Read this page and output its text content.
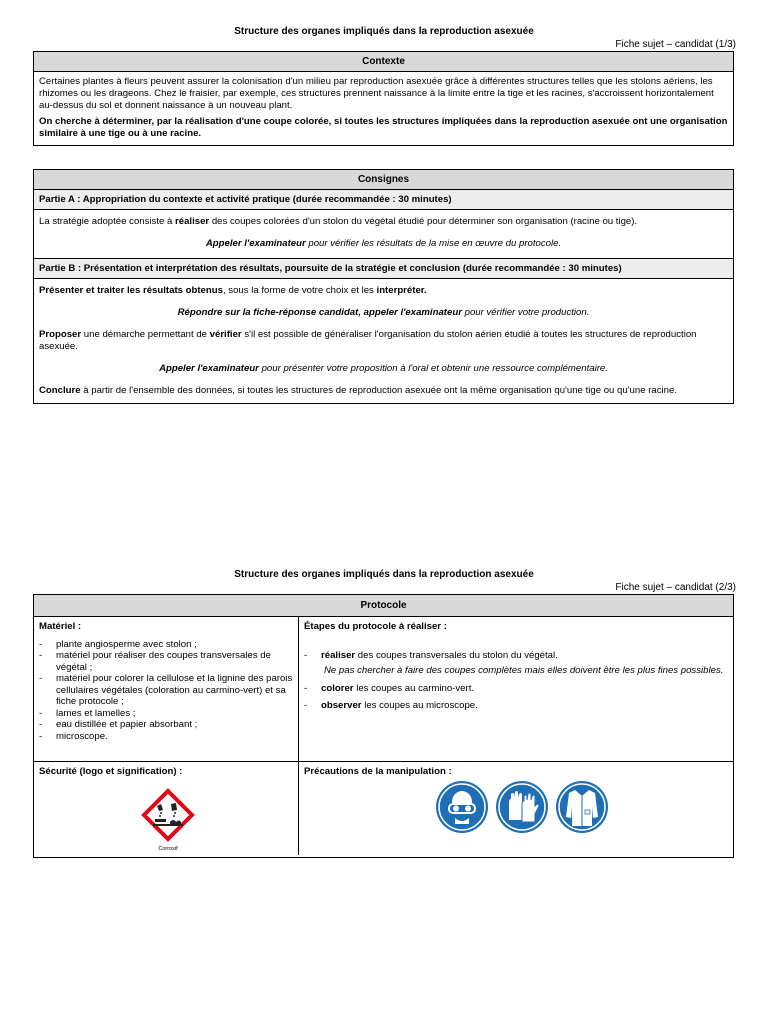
Structure des organes impliqués dans la reproduction asexuée
Fiche sujet – candidat (1/3)
Contexte

Certaines plantes à fleurs peuvent assurer la colonisation d'un milieu par reproduction asexuée grâce à différentes structures telles que les stolons aériens, les rhizomes ou les drageons. Chez le fraisier, par exemple, ces structures prennent naissance à la limite entre la tige et les racines, s'accroissent horizontalement au-dessus du sol et donnent naissance à un nouveau plant.

On cherche à déterminer, par la réalisation d'une coupe colorée, si toutes les structures impliquées dans la reproduction asexuée ont une organisation similaire à une tige ou à une racine.

Consignes
Partie A : Appropriation du contexte et activité pratique (durée recommandée : 30 minutes)

La stratégie adoptée consiste à réaliser des coupes colorées d'un stolon du végétal étudié pour déterminer son organisation (racine ou tige).

Appeler l'examinateur pour vérifier les résultats de la mise en œuvre du protocole.

Partie B : Présentation et interprétation des résultats, poursuite de la stratégie et conclusion (durée recommandée : 30 minutes)

Présenter et traiter les résultats obtenus, sous la forme de votre choix et les interpréter.

Répondre sur la fiche-réponse candidat, appeler l'examinateur pour vérifier votre production.

Proposer une démarche permettant de vérifier s'il est possible de généraliser l'organisation du stolon aérien étudié à toutes les structures de reproduction asexuée.

Appeler l'examinateur pour présenter votre proposition à l'oral et obtenir une ressource complémentaire.

Conclure à partir de l'ensemble des données, si toutes les structures de reproduction asexuée ont la même organisation qu'une tige ou qu'une racine.

Structure des organes impliqués dans la reproduction asexuée
Fiche sujet – candidat (2/3)
Protocole
Matériel :
- plante angiosperme avec stolon ;
- matériel pour réaliser des coupes transversales de végétal ;
- matériel pour colorer la cellulose et la lignine des parois cellulaires végétales (coloration au carmino-vert) et sa fiche protocole ;
- lames et lamelles ;
- eau distillée et papier absorbant ;
- microscope.
Étapes du protocole à réaliser :
- réaliser des coupes transversales du stolon du végétal.
Ne pas chercher à faire des coupes complètes mais elles doivent être les plus fines possibles.
- colorer les coupes au carmino-vert.
- observer les coupes au microscope.
Sécurité (logo et signification) :
Corrosif
Précautions de la manipulation :
